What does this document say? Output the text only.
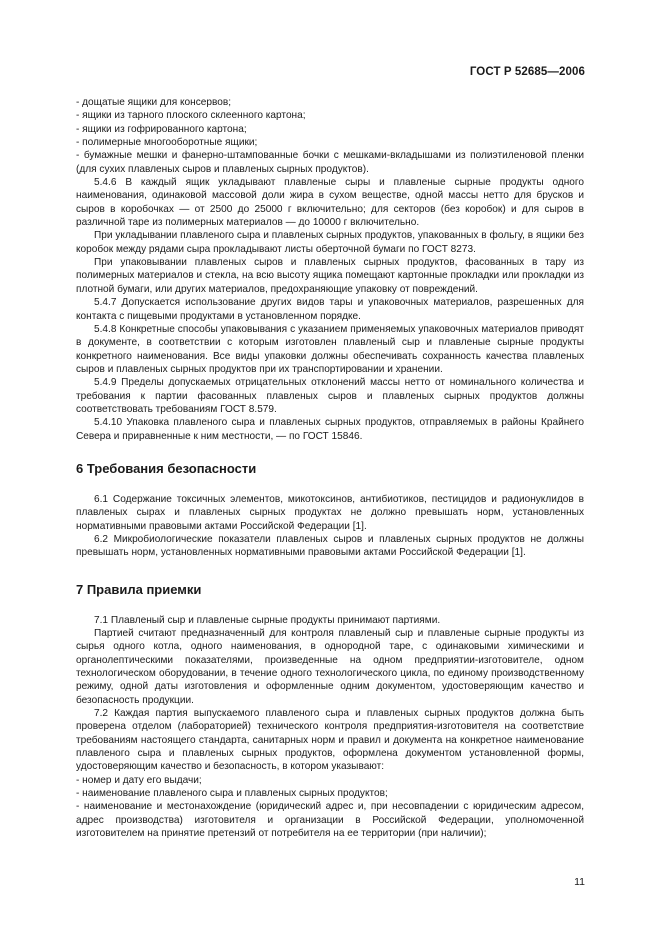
ГОСТ Р 52685—2006

- дощатые ящики для консервов;

- ящики из тарного плоского склеенного картона;

- ящики из гофрированного картона;

- полимерные многооборотные ящики;

- бумажные мешки и фанерно-штампованные бочки с мешками-вкладышами из полиэтиленовой пленки (для сухих плавленых сыров и плавленых сырных продуктов).

5.4.6 В каждый ящик укладывают плавленые сыры и плавленые сырные продукты одного наименования, одинаковой массовой доли жира в сухом веществе, одной массы нетто для брусков и сыров в коробочках — от 2500 до 25000 г включительно; для секторов (без коробок) и для сыров в различной таре из полимерных материалов — до 10000 г включительно.

При укладывании плавленого сыра и плавленых сырных продуктов, упакованных в фольгу, в ящики без коробок между рядами сыра прокладывают листы оберточной бумаги по ГОСТ 8273.

При упаковывании плавленых сыров и плавленых сырных продуктов, фасованных в тару из полимерных материалов и стекла, на всю высоту ящика помещают картонные прокладки или прокладки из плотной бумаги, или других материалов, предохраняющие упаковку от повреждений.

5.4.7 Допускается использование других видов тары и упаковочных материалов, разрешенных для контакта с пищевыми продуктами в установленном порядке.

5.4.8 Конкретные способы упаковывания с указанием применяемых упаковочных материалов приводят в документе, в соответствии с которым изготовлен плавленый сыр и плавленые сырные продукты конкретного наименования. Все виды упаковки должны обеспечивать сохранность качества плавленых сыров и плавленых сырных продуктов при их транспортировании и хранении.

5.4.9 Пределы допускаемых отрицательных отклонений массы нетто от номинального количества и требования к партии фасованных плавленых сыров и плавленых сырных продуктов должны соответствовать требованиям ГОСТ 8.579.

5.4.10 Упаковка плавленого сыра и плавленых сырных продуктов, отправляемых в районы Крайнего Севера и приравненные к ним местности, — по ГОСТ 15846.

6 Требования безопасности

6.1 Содержание токсичных элементов, микотоксинов, антибиотиков, пестицидов и радионуклидов в плавленых сырах и плавленых сырных продуктах не должно превышать норм, установленных нормативными правовыми актами Российской Федерации [1].

6.2 Микробиологические показатели плавленых сыров и плавленых сырных продуктов не должны превышать норм, установленных нормативными правовыми актами Российской Федерации [1].

7 Правила приемки

7.1 Плавленый сыр и плавленые сырные продукты принимают партиями.

Партией считают предназначенный для контроля плавленый сыр и плавленые сырные продукты из сырья одного котла, одного наименования, в однородной таре, с одинаковыми химическими и органолептическими показателями, произведенные на одном предприятии-изготовителе, одном технологическом оборудовании, в течение одного технологического цикла, по единому производственному режиму, одной даты изготовления и оформленные одним документом, удостоверяющим качество и безопасность продукции.

7.2 Каждая партия выпускаемого плавленого сыра и плавленых сырных продуктов должна быть проверена отделом (лабораторией) технического контроля предприятия-изготовителя на соответствие требованиям настоящего стандарта, санитарных норм и правил и документа на конкретное наименование плавленого сыра и плавленых сырных продуктов, оформлена документом установленной формы, удостоверяющим качество и безопасность, в котором указывают:

- номер и дату его выдачи;

- наименование плавленого сыра и плавленых сырных продуктов;

- наименование и местонахождение (юридический адрес и, при несовпадении с юридическим адресом, адрес производства) изготовителя и организации в Российской Федерации, уполномоченной изготовителем на принятие претензий от потребителя на ее территории (при наличии);

11
